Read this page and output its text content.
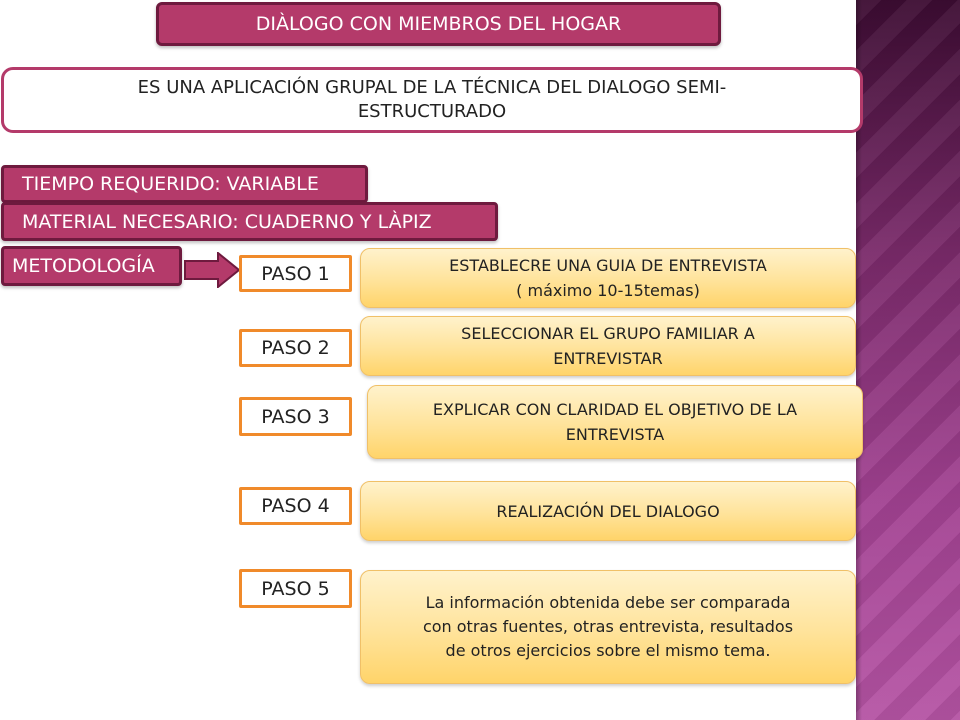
DIÀLOGO CON MIEMBROS DEL HOGAR
ES UNA APLICACIÓN GRUPAL DE LA TÉCNICA DEL DIALOGO SEMI-
ESTRUCTURADO
TIEMPO REQUERIDO: VARIABLE
MATERIAL NECESARIO: CUADERNO Y LÀPIZ
METODOLOGÍA	PASO 1
PASO 2
PASO 3
PASO 4
PASO 5
ESTABLECRE UNA GUIA DE ENTREVISTA
( máximo 10-15temas)
SELECCIONAR EL GRUPO FAMILIAR A
ENTREVISTAR
EXPLICAR CON CLARIDAD EL OBJETIVO DE LA
ENTREVISTA
REALIZACIÓN DEL DIALOGO
La información obtenida debe ser comparada
con otras fuentes, otras entrevista, resultados
de otros ejercicios sobre el mismo tema.
